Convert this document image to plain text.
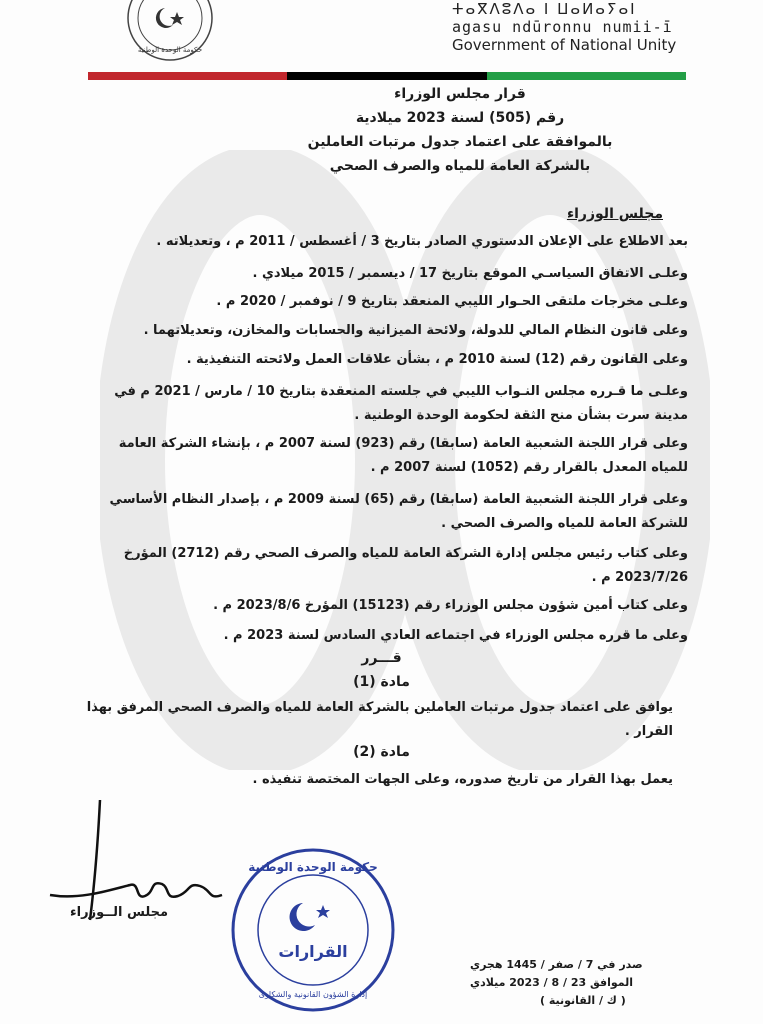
حكومة الوحدة الوطنية
ⵜⴰⴳⴷⵓⴷⴰ ⵏ ⵡⴰⵍⴰⵢⴰⵏ
agasu ndūronnu numii-ī
Government of National Unity
قرار مجلس الوزراء
رقم (505) لسنة 2023 ميلادية
بالموافقة على اعتماد جدول مرتبات العاملين
بالشركة العامة للمياه والصرف الصحي
مجلس الوزراء
بعد الاطلاع على الإعلان الدستوري الصادر بتاريخ 3 / أغسطس / 2011 م ، وتعديلاته .
وعلـى الاتفاق السياسـي الموقع بتاريخ 17 / ديسمبر / 2015 ميلادي .
وعلـى مخرجات ملتقى الحـوار الليبي المنعقد بتاريخ 9 / نوفمبر / 2020 م .
وعلى قانون النظام المالي للدولة، ولائحة الميزانية والحسابات والمخازن، وتعديلاتهما .
وعلى القانون رقم (12) لسنة 2010 م ، بشأن علاقات العمل ولائحته التنفيذية .
وعلـى ما قـرره مجلس النـواب الليبي في جلسته المنعقدة بتاريخ 10 / مارس / 2021 م في مدينة سرت بشأن منح الثقة لحكومة الوحدة الوطنية .
وعلى قرار اللجنة الشعبية العامة (سابقا) رقم (923) لسنة 2007 م ، بإنشاء الشركة العامة للمياه المعدل بالقرار رقم (1052) لسنة 2007 م .
وعلى قرار اللجنة الشعبية العامة (سابقا) رقم (65) لسنة 2009 م ، بإصدار النظام الأساسي للشركة العامة للمياه والصرف الصحي .
وعلى كتاب رئيس مجلس إدارة الشركة العامة للمياه والصرف الصحي رقم (2712) المؤرخ 2023/7/26 م .
وعلى كتاب أمين شؤون مجلس الوزراء رقم (15123) المؤرخ 2023/8/6 م .
وعلى ما قرره مجلس الوزراء في اجتماعه العادي السادس لسنة 2023 م .
قـــرر
مادة (1)
يوافق على اعتماد جدول مرتبات العاملين بالشركة العامة للمياه والصرف الصحي المرفق بهذا القرار .
مادة (2)
يعمل بهذا القرار من تاريخ صدوره، وعلى الجهات المختصة تنفيذه .
مجلس الــوزراء
القرارات
حكومة الوحدة الوطنية
إدارة الشؤون القانونية والشكاوى
صدر في 7 / صفر / 1445 هجري
الموافق 23 / 8 / 2023 ميلادي
( ك / القانونية )
